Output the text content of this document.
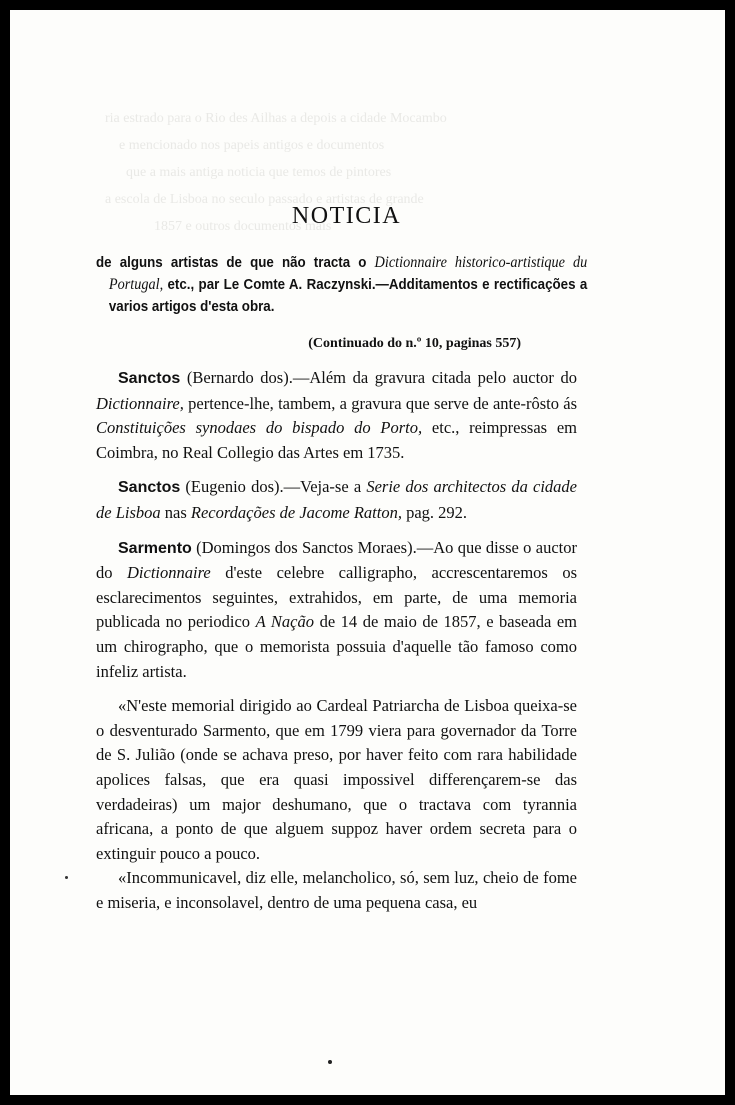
ria estrado para o Rio des Ailhas a depois a cidade Mocambo
e mencionado nos papeis antigos e documentos
que a mais antiga noticia que temos de pintores
a escola de Lisboa no seculo passado e artistas de grande
1857 e outros documentos mais
NOTICIA

de alguns artistas de que não tracta o Dictionnaire historico-artistique du Portugal, etc., par Le Comte A. Raczynski.—Additamentos e rectificações a varios artigos d'esta obra.

(Continuado do n.º 10, paginas 557)

Sanctos (Bernardo dos).—Além da gravura citada pelo auctor do Dictionnaire, pertence-lhe, tambem, a gravura que serve de ante-rôsto ás Constituições synodaes do bispado do Porto, etc., reimpressas em Coimbra, no Real Collegio das Artes em 1735.

Sanctos (Eugenio dos).—Veja-se a Serie dos architectos da cidade de Lisboa nas Recordações de Jacome Ratton, pag. 292.

Sarmento (Domingos dos Sanctos Moraes).—Ao que disse o auctor do Dictionnaire d'este celebre calligrapho, accrescentaremos os esclarecimentos seguintes, extrahidos, em parte, de uma memoria publicada no periodico A Nação de 14 de maio de 1857, e baseada em um chirographo, que o memorista possuia d'aquelle tão famoso como infeliz artista.

«N'este memorial dirigido ao Cardeal Patriarcha de Lisboa queixa-se o desventurado Sarmento, que em 1799 viera para governador da Torre de S. Julião (onde se achava preso, por haver feito com rara habilidade apolices falsas, que era quasi impossivel differençarem-se das verdadeiras) um major deshumano, que o tractava com tyrannia africana, a ponto de que alguem suppoz haver ordem secreta para o extinguir pouco a pouco.

«Incommunicavel, diz elle, melancholico, só, sem luz, cheio de fome e miseria, e inconsolavel, dentro de uma pequena casa, eu
